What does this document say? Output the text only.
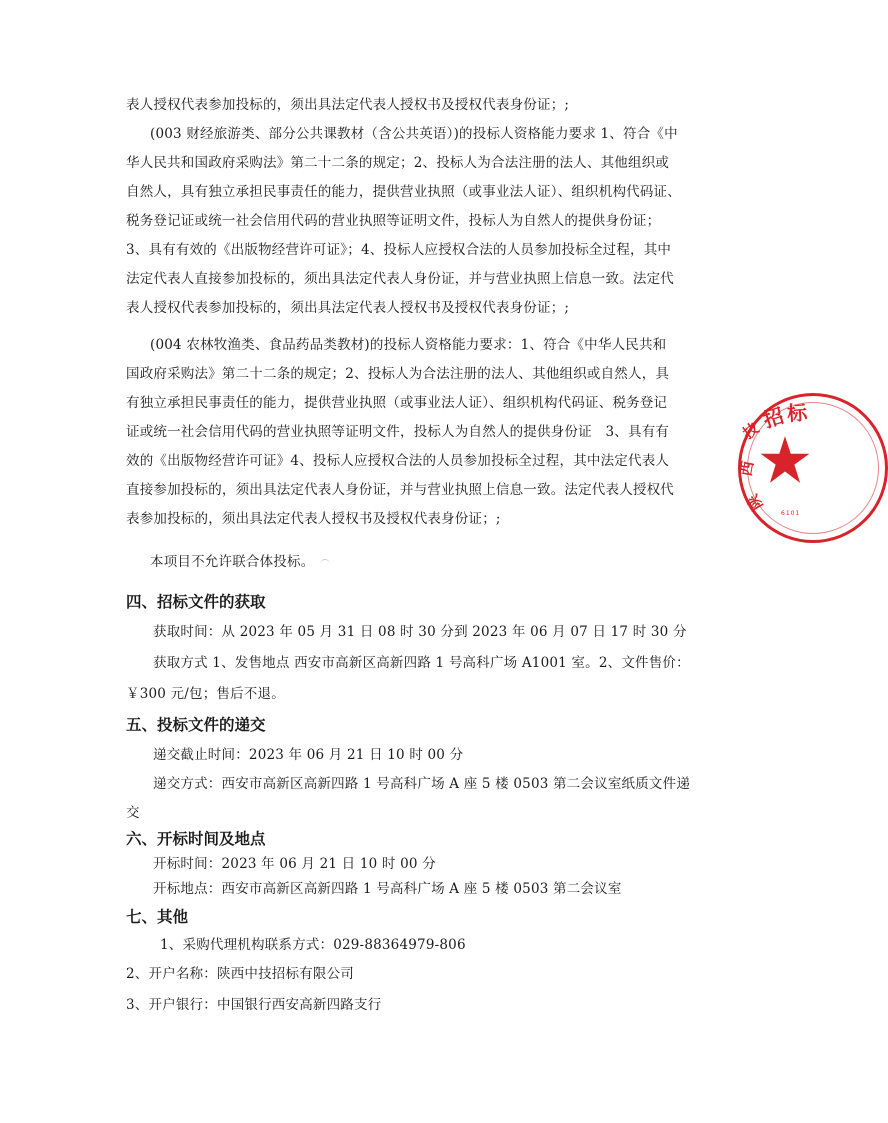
表人授权代表参加投标的，须出具法定代表人授权书及授权代表身份证；;
(003 财经旅游类、部分公共课教材（含公共英语）)的投标人资格能力要求 1、符合《中
华人民共和国政府采购法》第二十二条的规定；2、投标人为合法注册的法人、其他组织或
自然人，具有独立承担民事责任的能力，提供营业执照（或事业法人证）、组织机构代码证、
税务登记证或统一社会信用代码的营业执照等证明文件，投标人为自然人的提供身份证；
3、具有有效的《出版物经营许可证》；4、投标人应授权合法的人员参加投标全过程，其中
法定代表人直接参加投标的，须出具法定代表人身份证，并与营业执照上信息一致。法定代
表人授权代表参加投标的，须出具法定代表人授权书及授权代表身份证；;
(004 农林牧渔类、食品药品类教材)的投标人资格能力要求：1、符合《中华人民共和
国政府采购法》第二十二条的规定；2、投标人为合法注册的法人、其他组织或自然人，具
有独立承担民事责任的能力，提供营业执照（或事业法人证）、组织机构代码证、税务登记
证或统一社会信用代码的营业执照等证明文件，投标人为自然人的提供身份证　3、具有有
效的《出版物经营许可证》4、投标人应授权合法的人员参加投标全过程，其中法定代表人
直接参加投标的，须出具法定代表人身份证，并与营业执照上信息一致。法定代表人授权代
表参加投标的，须出具法定代表人授权书及授权代表身份证；;
本项目不允许联合体投标。
四、招标文件的获取
获取时间：从 2023 年 05 月 31 日 08 时 30 分到 2023 年 06 月 07 日 17 时 30 分
获取方式 1、发售地点 西安市高新区高新四路 1 号高科广场 A1001 室。2、文件售价：
￥300 元/包；售后不退。
五、投标文件的递交
递交截止时间：2023 年 06 月 21 日 10 时 00 分
递交方式：西安市高新区高新四路 1 号高科广场 A 座 5 楼 0503 第二会议室纸质文件递
交
六、开标时间及地点
开标时间：2023 年 06 月 21 日 10 时 00 分
开标地点：西安市高新区高新四路 1 号高科广场 A 座 5 楼 0503 第二会议室
七、其他
1、采购代理机构联系方式：029-88364979-806
2、开户名称：陕西中技招标有限公司
3、开户银行：中国银行西安高新四路支行
招 标
技
西
陕
6101
